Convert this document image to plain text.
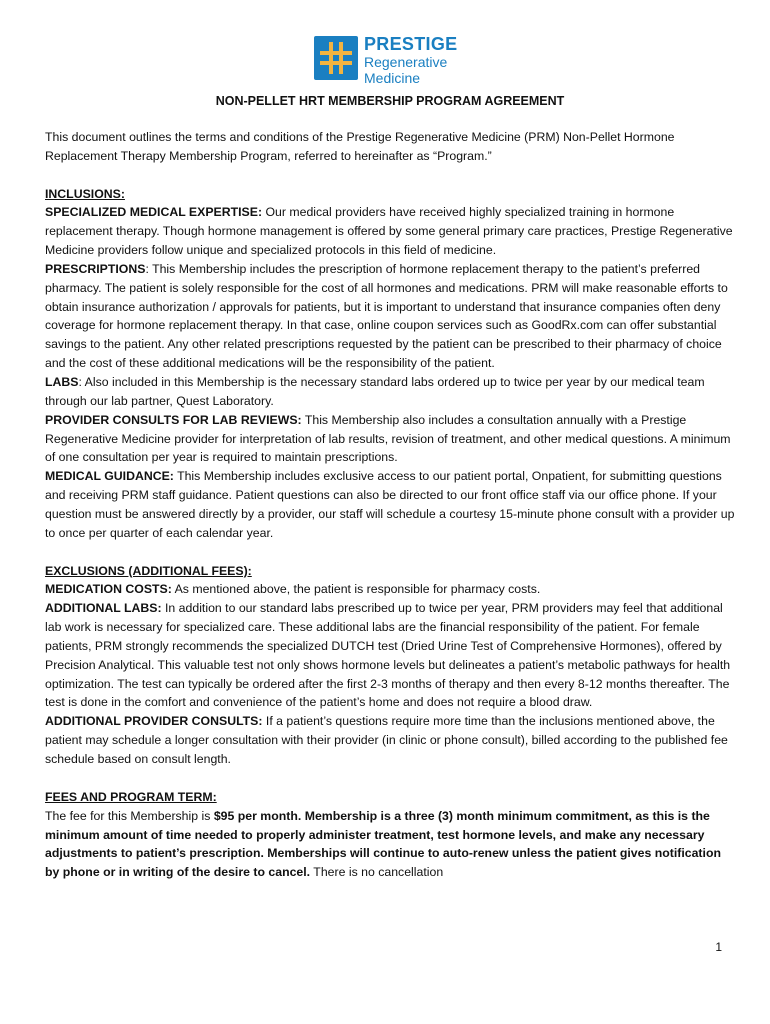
PRESTIGE
Regenerative
Medicine

NON-PELLET HRT MEMBERSHIP PROGRAM AGREEMENT

This document outlines the terms and conditions of the Prestige Regenerative Medicine (PRM) Non-Pellet Hormone Replacement Therapy Membership Program, referred to hereinafter as “Program.”

INCLUSIONS:

SPECIALIZED MEDICAL EXPERTISE: Our medical providers have received highly specialized training in hormone replacement therapy. Though hormone management is offered by some general primary care practices, Prestige Regenerative Medicine providers follow unique and specialized protocols in this field of medicine.

PRESCRIPTIONS: This Membership includes the prescription of hormone replacement therapy to the patient’s preferred pharmacy. The patient is solely responsible for the cost of all hormones and medications. PRM will make reasonable efforts to obtain insurance authorization / approvals for patients, but it is important to understand that insurance companies often deny coverage for hormone replacement therapy. In that case, online coupon services such as GoodRx.com can offer substantial savings to the patient. Any other related prescriptions requested by the patient can be prescribed to their pharmacy of choice and the cost of these additional medications will be the responsibility of the patient.

LABS: Also included in this Membership is the necessary standard labs ordered up to twice per year by our medical team through our lab partner, Quest Laboratory.

PROVIDER CONSULTS FOR LAB REVIEWS: This Membership also includes a consultation annually with a Prestige Regenerative Medicine provider for interpretation of lab results, revision of treatment, and other medical questions. A minimum of one consultation per year is required to maintain prescriptions.

MEDICAL GUIDANCE: This Membership includes exclusive access to our patient portal, Onpatient, for submitting questions and receiving PRM staff guidance. Patient questions can also be directed to our front office staff via our office phone. If your question must be answered directly by a provider, our staff will schedule a courtesy 15-minute phone consult with a provider up to once per quarter of each calendar year.

EXCLUSIONS (ADDITIONAL FEES):

MEDICATION COSTS: As mentioned above, the patient is responsible for pharmacy costs.

ADDITIONAL LABS: In addition to our standard labs prescribed up to twice per year, PRM providers may feel that additional lab work is necessary for specialized care. These additional labs are the financial responsibility of the patient. For female patients, PRM strongly recommends the specialized DUTCH test (Dried Urine Test of Comprehensive Hormones), offered by Precision Analytical. This valuable test not only shows hormone levels but delineates a patient’s metabolic pathways for health optimization. The test can typically be ordered after the first 2-3 months of therapy and then every 8-12 months thereafter. The test is done in the comfort and convenience of the patient’s home and does not require a blood draw.

ADDITIONAL PROVIDER CONSULTS: If a patient’s questions require more time than the inclusions mentioned above, the patient may schedule a longer consultation with their provider (in clinic or phone consult), billed according to the published fee schedule based on consult length.

FEES AND PROGRAM TERM:

The fee for this Membership is $95 per month. Membership is a three (3) month minimum commitment, as this is the minimum amount of time needed to properly administer treatment, test hormone levels, and make any necessary adjustments to patient’s prescription. Memberships will continue to auto-renew unless the patient gives notification by phone or in writing of the desire to cancel. There is no cancellation

1
